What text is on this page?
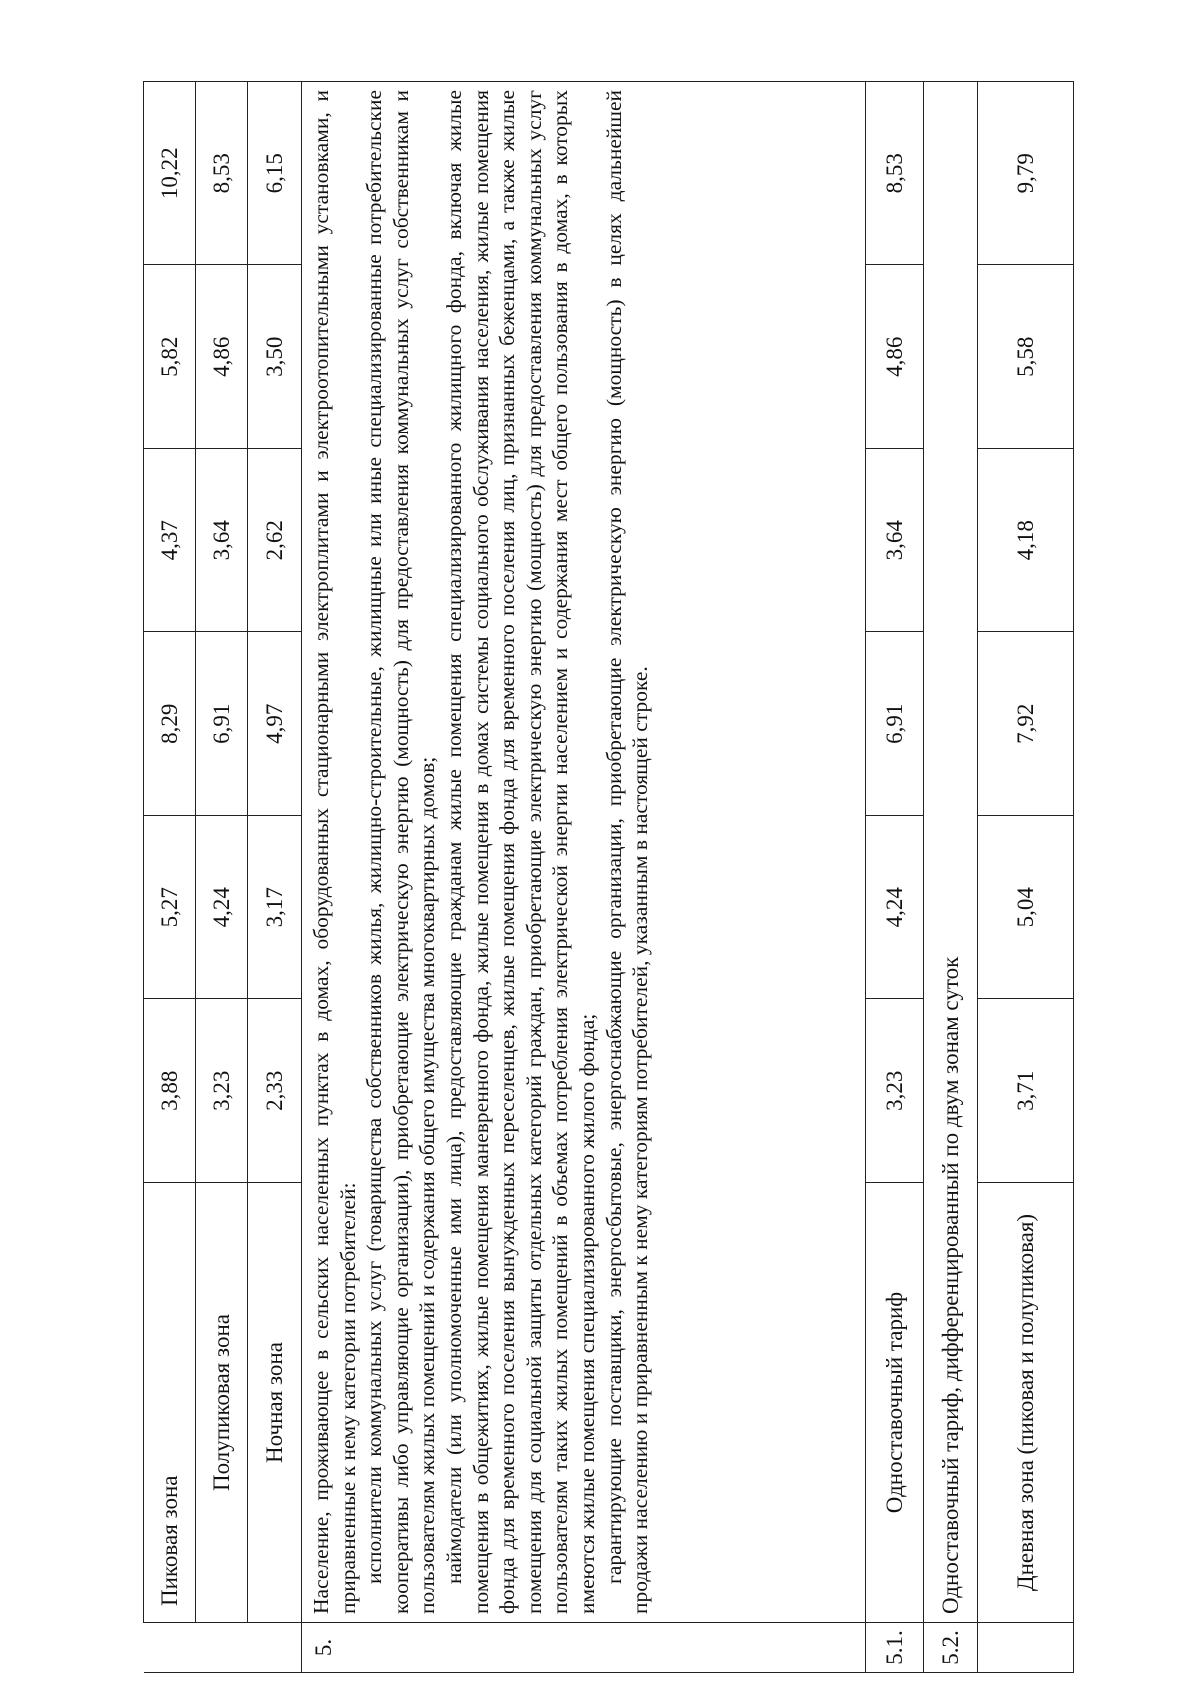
	Пиковая зона	3,88	5,27	8,29	4,37	5,82	10,22
	Полупиковая зона	3,23	4,24	6,91	3,64	4,86	8,53
	Ночная зона	2,33	3,17	4,97	2,62	3,50	6,15
5.	Население, проживающее в сельских населенных пунктах в домах, оборудованных стационарными электроплитами и электроотопительными установками, и приравненные к нему категории потребителей: исполнители коммунальных услуг (товарищества собственников жилья, жилищно-строительные, жилищные или иные специализированные потребительские кооперативы либо управляющие организации), приобретающие электрическую энергию (мощность) для предоставления коммунальных услуг собственникам и пользователям жилых помещений и содержания общего имущества многоквартирных домов; наймодатели (или уполномоченные ими лица), предоставляющие гражданам жилые помещения специализированного жилищного фонда, включая жилые помещения в общежитиях, жилые помещения маневренного фонда, жилые помещения в домах системы социального обслуживания населения, жилые помещения фонда для временного поселения вынужденных переселенцев, жилые помещения фонда для временного поселения лиц, признанных беженцами, а также жилые помещения для социальной защиты отдельных категорий граждан, приобретающие электрическую энергию (мощность) для предоставления коммунальных услуг пользователям таких жилых помещений в объемах потребления электрической энергии населением и содержания мест общего пользования в домах, в которых имеются жилые помещения специализированного жилого фонда; гарантирующие поставщики, энергосбытовые, энергоснабжающие организации, приобретающие электрическую энергию (мощность) в целях дальнейшей продажи населению и приравненным к нему категориям потребителей, указанным в настоящей строке.						

5.1.	Одноставочный тариф	3,23	4,24	6,91	3,64	4,86	8,53
5.2.	Одноставочный тариф, дифференцированный по двум зонам суток						
	Дневная зона (пиковая и полупиковая)	3,71	5,04	7,92	4,18	5,58	9,79
